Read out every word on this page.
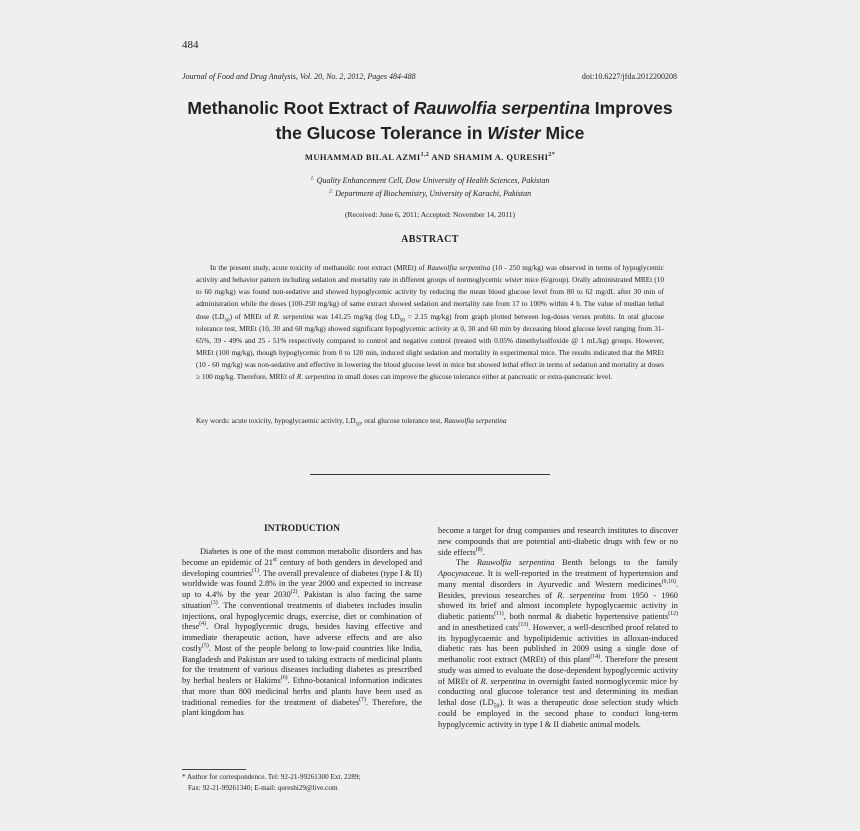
484
Journal of Food and Drug Analysis, Vol. 20, No. 2, 2012, Pages 484-488	doi:10.6227/jfda.2012200208
Methanolic Root Extract of Rauwolfia serpentina Improves
the Glucose Tolerance in Wister Mice
MUHAMMAD BILAL AZMI$^{1,2}$ AND SHAMIM A. $QURESHI^{2*}$
$^{1.}$ Quality Enhancement Cell, Dow University of Health Sciences, Pakistan
$^{2.}$ Department of Biochemistry, University of Karachi, Pakistan
(Received: June 6, 2011; Accepted: November 14, 2011)
ABSTRACT
In the present study, acute toxicity of methanolic root extract (MREt) of Rauwolfia serpentina (10 - 250 mg/kg) was observed in terms of hypoglycemic activity and behavior pattern including sedation and mortality rate in different groups of normoglycemic wister mice (6/group). Orally administrated MREt (10 to 60 mg/kg) was found non-sedative and showed hypoglycemic activity by reducing the mean blood glucose level from 80 to 62 mg/dL after 30 min of administration while the doses (100-250 mg/kg) of same extract showed sedation and mortality rate from 17 to 100% within 4 h. The value of median lethal dose $(LD_{50})$ of MREt of R. serpentina was 141.25 mg/kg (log $LD_{50} = 2.15$ mg/kg) from graph plotted between log-doses verses probits. In oral glucose tolerance test, MREt (10, 30 and 60 mg/kg) showed significant hypoglycemic activity at 0, 30 and 60 min by deceasing blood glucose level ranging from 31- 65%, 39 - 49% and 25 - 51% respectively compared to control and negative control (treated with 0.05% dimethylsulfoxide @ 1 mL/kg) groups. However, MREt (100 mg/kg), though hypoglycemic from 0 to 120 min, induced slight sedation and mortality in experimental mice. The results indicated that the MREt (10 - 60 mg/kg) was non-sedative and effective in lowering the blood glucose level in mice but showed lethal effect in terms of sedation and mortality at doses ≥ 100 mg/kg. Therefore, MREt of R. serpentina in small doses can improve the glucose tolerance either at pancreatic or extra-pancreatic level.
Key words: acute toxicity, hypoglycaemic activity, $LD_{50}$, oral glucose tolerance test, Rauwolfia serpentina
INTRODUCTION

Diabetes is one of the most common metabolic disorders and has become an epidemic of 21st century of both genders in developed and developing countries$^{(1)}$. The overall prevalence of diabetes (type I & II) worldwide was found 2.8% in the year 2000 and expected to increase up to 4.4% by the year 2030$^{(2)}$. Pakistan is also facing the same situation$^{(3)}$. The conventional treatments of diabetes includes insulin injections, oral hypoglycemic drugs, exercise, diet or combination of these$^{(4)}$. Oral hypoglycemic drugs, besides having effective and immediate therapeutic action, have adverse effects and are also costly$^{(5)}$. Most of the people belong to low-paid countries like India, Bangladesh and Pakistan are used to taking extracts of medicinal plants for the treatment of various diseases including diabetes as prescribed by herbal healers or Hakims$^{(6)}$. Ethno-botanical information indicates that more than 800 medicinal herbs and plants have been used as traditional remedies for the treatment of diabetes$^{(7)}$. Therefore, the plant kingdom has

become a target for drug companies and research institutes to discover new compounds that are potential anti-diabetic drugs with few or no side effects$^{(8)}$.

The Rauwolfia serpentina Benth belongs to the family Apocynaceae. It is well-reported in the treatment of hypertension and many mental disorders in Ayurvedic and Western medicines$^{(9,10)}$. Besides, previous researches of R. serpentina from 1950 - 1960 showed its brief and almost incomplete hypoglycaemic activity in diabetic patients$^{(11)}$, both normal & diabetic hypertensive patients$^{(12)}$ and in anesthetized cats$^{(13)}$. However, a well-described proof related to its hypoglycaemic and hypolipidemic activities in alloxan-induced diabetic rats has been published in 2009 using a single dose of methanolic root extract (MREt) of this plant$^{(14)}$. Therefore the present study was aimed to evaluate the dose-dependent hypoglycemic activity of MREt of R. serpentina in overnight fasted normoglycemic mice by conducting oral glucose tolerance test and determining its median lethal dose $(LD_{50})$. It was a therapeutic dose selection study which could be employed in the second phase to conduct long-term hypoglycemic activity in type I & II diabetic animal models.

* Author for correspondence. Tel: 92-21-99261300 Ext. 2289;
Fax: 92-21-99261340; E-mail: qureshi29@live.com
